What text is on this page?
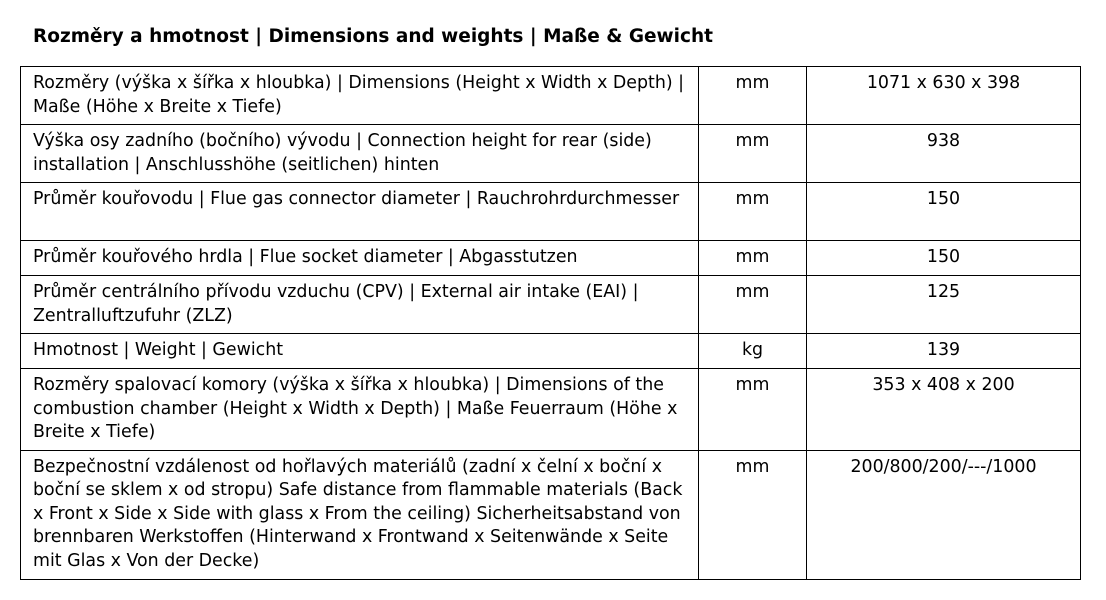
Rozměry a hmotnost | Dimensions and weights | Maße & Gewicht
Rozměry (výška x šířka x hloubka) | Dimensions (Height x Width x Depth) | Maße (Höhe x Breite x Tiefe)	mm	1071 x 630 x 398
Výška osy zadního (bočního) vývodu | Connection height for rear (side) installation | Anschlusshöhe (seitlichen) hinten	mm	938
Průměr kouřovodu | Flue gas connector diameter | Rauchrohrdurchmesser	mm	150
Průměr kouřového hrdla | Flue socket diameter | Abgasstutzen	mm	150
Průměr centrálního přívodu vzduchu (CPV) | External air intake (EAI) | Zentralluftzufuhr (ZLZ)	mm	125
Hmotnost | Weight | Gewicht	kg	139
Rozměry spalovací komory (výška x šířka x hloubka) | Dimensions of the combustion chamber (Height x Width x Depth) | Maße Feuerraum (Höhe x Breite x Tiefe)	mm	353 x 408 x 200
Bezpečnostní vzdálenost od hořlavých materiálů (zadní x čelní x boční x boční se sklem x od stropu) Safe distance from flammable materials (Back x Front x Side x Side with glass x From the ceiling) Sicherheitsabstand von brennbaren Werkstoffen (Hinterwand x Frontwand x Seitenwände x Seite mit Glas x Von der Decke)	mm	200/800/200/---/1000
